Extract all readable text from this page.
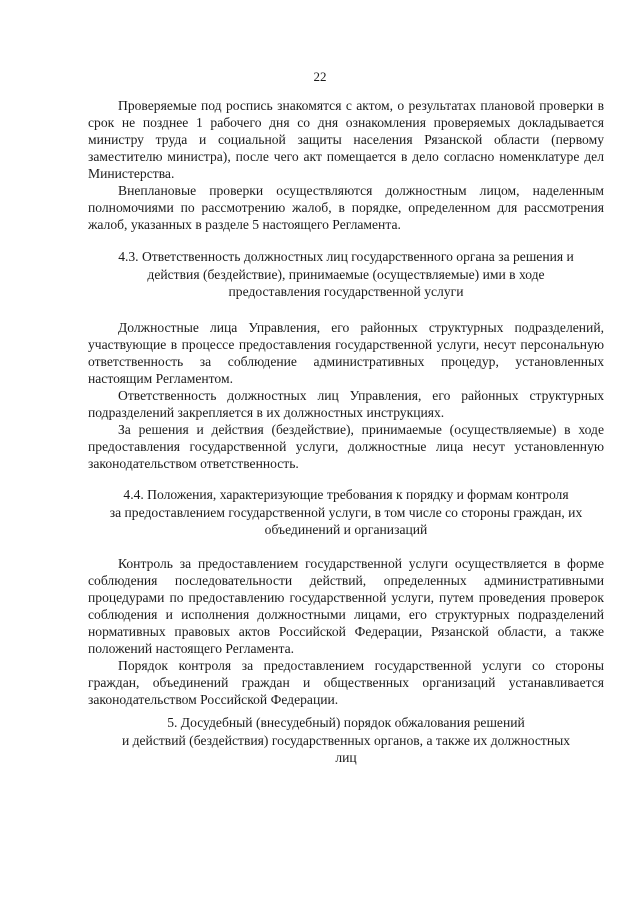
22

Проверяемые под роспись знакомятся с актом, о результатах плановой проверки в срок не позднее 1 рабочего дня со дня ознакомления проверяемых докладывается министру труда и социальной защиты населения Рязанской области (первому заместителю министра), после чего акт помещается в дело согласно номенклатуре дел Министерства.

Внеплановые проверки осуществляются должностным лицом, наделенным полномочиями по рассмотрению жалоб, в порядке, определенном для рассмотрения жалоб, указанных в разделе 5 настоящего Регламента.

4.3. Ответственность должностных лиц государственного органа за решения и
действия (бездействие), принимаемые (осуществляемые) ими в ходе
предоставления государственной услуги

Должностные лица Управления, его районных структурных подразделений, участвующие в процессе предоставления государственной услуги, несут персональную ответственность за соблюдение административных процедур, установленных настоящим Регламентом.

Ответственность должностных лиц Управления, его районных структурных подразделений закрепляется в их должностных инструкциях.

За решения и действия (бездействие), принимаемые (осуществляемые) в ходе предоставления государственной услуги, должностные лица несут установленную законодательством ответственность.

4.4. Положения, характеризующие требования к порядку и формам контроля
за предоставлением государственной услуги, в том числе со стороны граждан, их
объединений и организаций

Контроль за предоставлением государственной услуги осуществляется в форме соблюдения последовательности действий, определенных административными процедурами по предоставлению государственной услуги, путем проведения проверок соблюдения и исполнения должностными лицами, его структурных подразделений нормативных правовых актов Российской Федерации, Рязанской области, а также положений настоящего Регламента.

Порядок контроля за предоставлением государственной услуги со стороны граждан, объединений граждан и общественных организаций устанавливается законодательством Российской Федерации.

5. Досудебный (внесудебный) порядок обжалования решений
и действий (бездействия) государственных органов, а также их должностных
лиц
